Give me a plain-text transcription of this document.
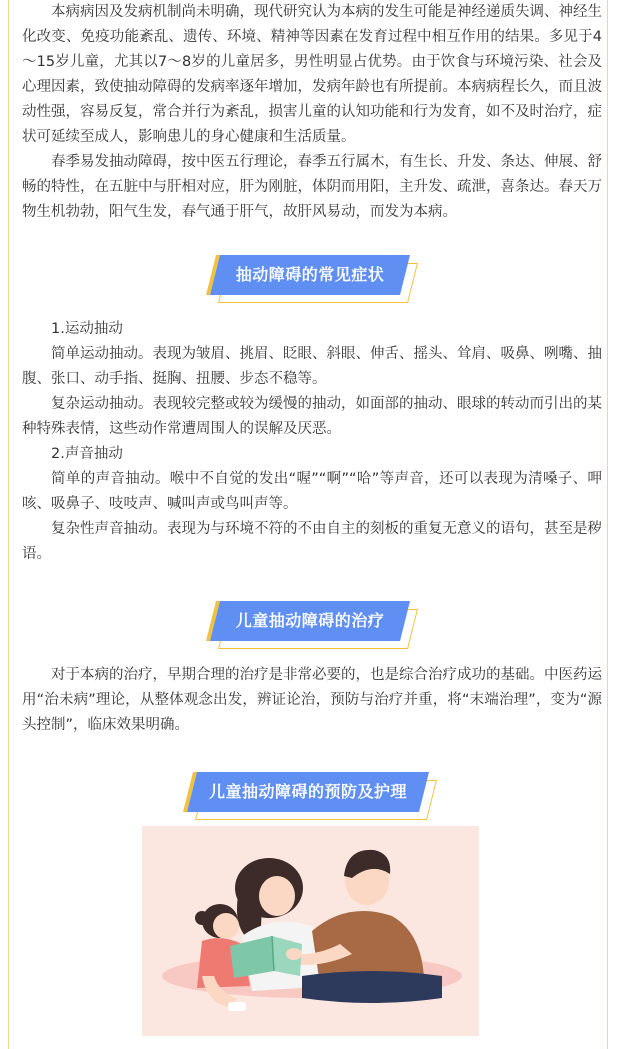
本病病因及发病机制尚未明确，现代研究认为本病的发生可能是神经递质失调、神经生化改变、免疫功能紊乱、遗传、环境、精神等因素在发育过程中相互作用的结果。多见于4～15岁儿童，尤其以7～8岁的儿童居多，男性明显占优势。由于饮食与环境污染、社会及心理因素，致使抽动障碍的发病率逐年增加，发病年龄也有所提前。本病病程长久，而且波动性强，容易反复，常合并行为紊乱，损害儿童的认知功能和行为发育，如不及时治疗，症状可延续至成人，影响患儿的身心健康和生活质量。

春季易发抽动障碍，按中医五行理论，春季五行属木，有生长、升发、条达、伸展、舒畅的特性，在五脏中与肝相对应，肝为刚脏，体阴而用阳，主升发、疏泄，喜条达。春天万物生机勃勃，阳气生发，春气通于肝气，故肝风易动，而发为本病。

抽动障碍的常见症状

1.运动抽动

简单运动抽动。表现为皱眉、挑眉、眨眼、斜眼、伸舌、摇头、耸肩、吸鼻、咧嘴、抽腹、张口、动手指、挺胸、扭腰、步态不稳等。

复杂运动抽动。表现较完整或较为缓慢的抽动，如面部的抽动、眼球的转动而引出的某种特殊表情，这些动作常遭周围人的误解及厌恶。

2.声音抽动

简单的声音抽动。喉中不自觉的发出“喔”“啊”“哈”等声音，还可以表现为清嗓子、呷咳、吸鼻子、吱吱声、喊叫声或鸟叫声等。

复杂性声音抽动。表现为与环境不符的不由自主的刻板的重复无意义的语句，甚至是秽语。

儿童抽动障碍的治疗

对于本病的治疗，早期合理的治疗是非常必要的，也是综合治疗成功的基础。中医药运用“治未病”理论，从整体观念出发，辨证论治，预防与治疗并重，将“末端治理”，变为“源头控制”，临床效果明确。

儿童抽动障碍的预防及护理
